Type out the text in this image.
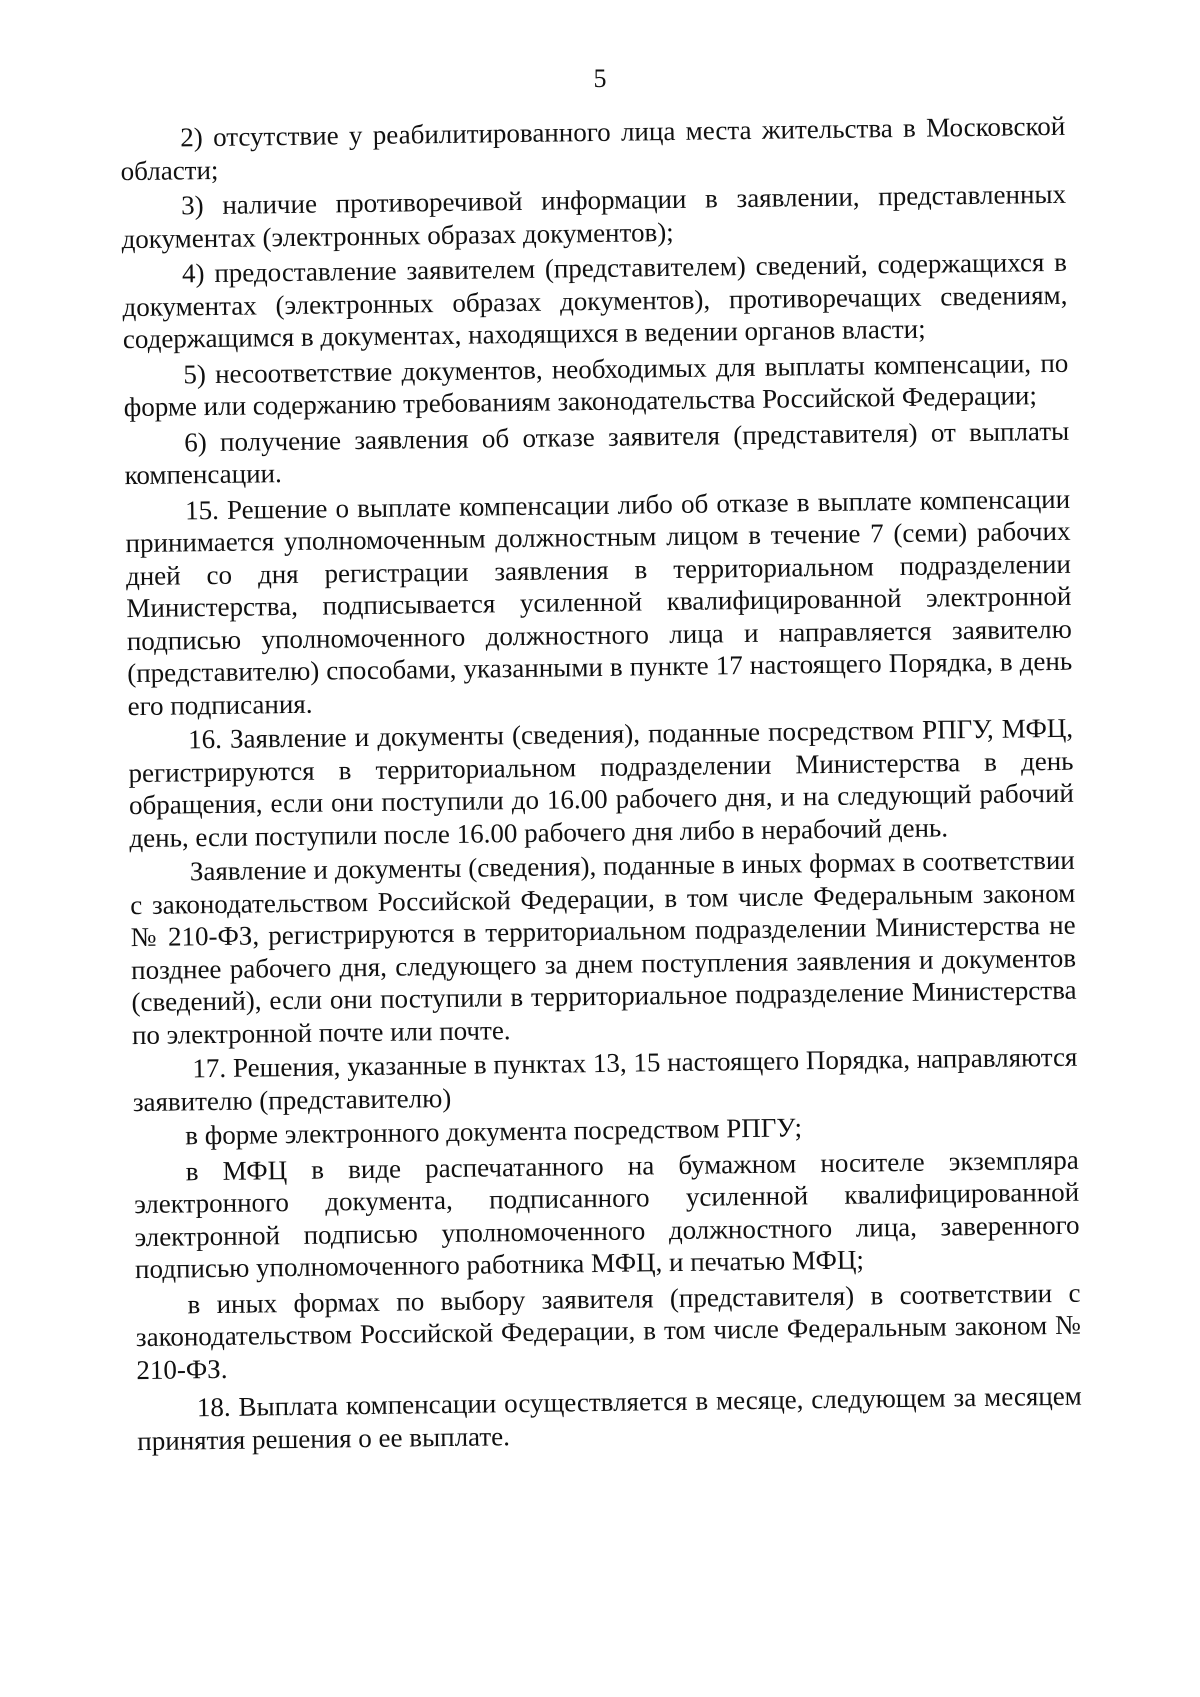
5

2) отсутствие у реабилитированного лица места жительства в Московской области;

3) наличие противоречивой информации в заявлении, представленных документах (электронных образах документов);

4) предоставление заявителем (представителем) сведений, содержащихся в документах (электронных образах документов), противоречащих сведениям, содержащимся в документах, находящихся в ведении органов власти;

5) несоответствие документов, необходимых для выплаты компенсации, по форме или содержанию требованиям законодательства Российской Федерации;

6) получение заявления об отказе заявителя (представителя) от выплаты компенсации.

15. Решение о выплате компенсации либо об отказе в выплате компенсации принимается уполномоченным должностным лицом в течение 7 (семи) рабочих дней со дня регистрации заявления в территориальном подразделении Министерства, подписывается усиленной квалифицированной электронной подписью уполномоченного должностного лица и направляется заявителю (представителю) способами, указанными в пункте 17 настоящего Порядка, в день его подписания.

16. Заявление и документы (сведения), поданные посредством РПГУ, МФЦ, регистрируются в территориальном подразделении Министерства в день обращения, если они поступили до 16.00 рабочего дня, и на следующий рабочий день, если поступили после 16.00 рабочего дня либо в нерабочий день.

Заявление и документы (сведения), поданные в иных формах в соответствии с законодательством Российской Федерации, в том числе Федеральным законом № 210-ФЗ, регистрируются в территориальном подразделении Министерства не позднее рабочего дня, следующего за днем поступления заявления и документов (сведений), если они поступили в территориальное подразделение Министерства по электронной почте или почте.

17. Решения, указанные в пунктах 13, 15 настоящего Порядка, направляются заявителю (представителю)

в форме электронного документа посредством РПГУ;

в МФЦ в виде распечатанного на бумажном носителе экземпляра электронного документа, подписанного усиленной квалифицированной электронной подписью уполномоченного должностного лица, заверенного подписью уполномоченного работника МФЦ, и печатью МФЦ;

в иных формах по выбору заявителя (представителя) в соответствии с законодательством Российской Федерации, в том числе Федеральным законом № 210-ФЗ.

18. Выплата компенсации осуществляется в месяце, следующем за месяцем принятия решения о ее выплате.
